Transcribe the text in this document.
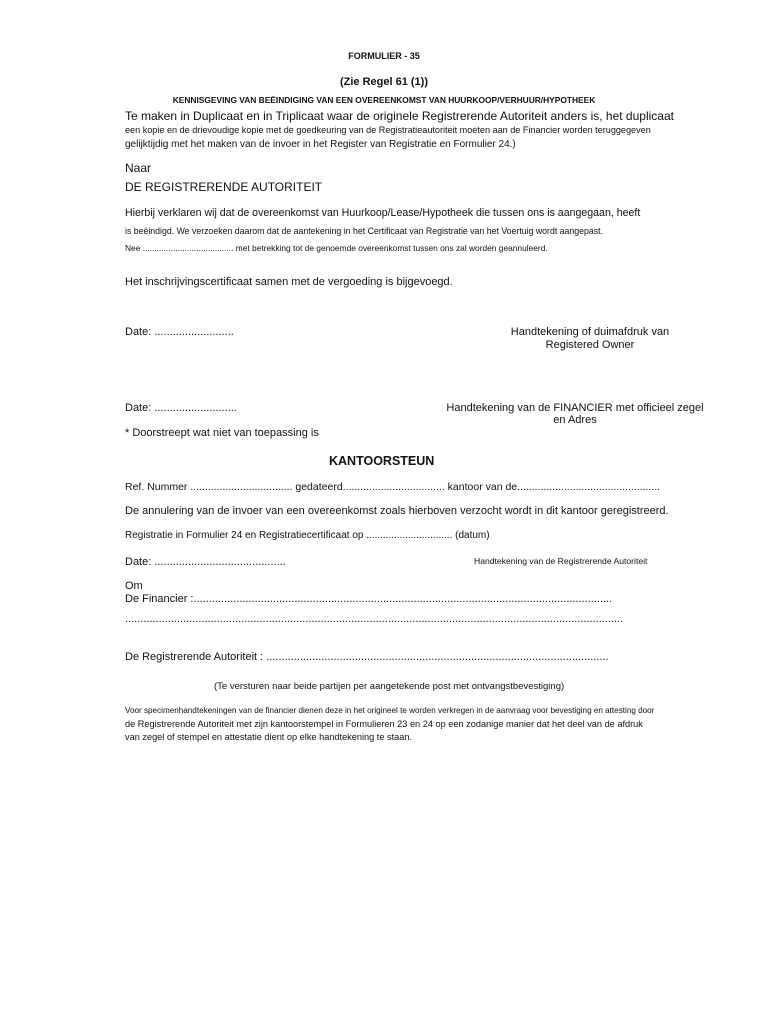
FORMULIER - 35
(Zie Regel 61 (1))
KENNISGEVING VAN BEËINDIGING VAN EEN OVEREENKOMST VAN HUURKOOP/VERHUUR/HYPOTHEEK
Te maken in Duplicaat en in Triplicaat waar de originele Registrerende Autoriteit anders is, het duplicaat
een kopie en de drievoudige kopie met de goedkeuring van de Registratieautoriteit moeten aan de Financier worden teruggegeven
gelijktijdig met het maken van de invoer in het Register van Registratie en Formulier 24.)
Naar
DE REGISTRERENDE AUTORITEIT
Hierbij verklaren wij dat de overeenkomst van Huurkoop/Lease/Hypotheek die tussen ons is aangegaan, heeft
is beëindigd. We verzoeken daarom dat de aantekening in het Certificaat van Registratie van het Voertuig wordt aangepast.
Nee ....................................... met betrekking tot de genoemde overeenkomst tussen ons zal worden geannuleerd.
Het inschrijvingscertificaat samen met de vergoeding is bijgevoegd.
Date: ..........................	Handtekening of duimafdruk van
Registered Owner
Date: ...........................	Handtekening van de FINANCIER met officieel zegel
en Adres
* Doorstreept wat niet van toepassing is
KANTOORSTEUN
Ref. Nummer ................................... gedateerd................................... kantoor van de.................................................
De annulering van de invoer van een overeenkomst zoals hierboven verzocht wordt in dit kantoor geregistreerd.
Registratie in Formulier 24 en Registratiecertificaat op ............................... (datum)
Date: ...........................................	Handtekening van de Registrerende Autoriteit
Om
De Financier :.........................................................................................................................................
...................................................................................................................................................................
De Registrerende Autoriteit : ................................................................................................................
(Te versturen naar beide partijen per aangetekende post met ontvangstbevestiging)
Voor specimenhandtekeningen van de financier dienen deze in het origineel te worden verkregen in de aanvraag voor bevestiging en attesting door
de Registrerende Autoriteit met zijn kantoorstempel in Formulieren 23 en 24 op een zodanige manier dat het deel van de afdruk
van zegel of stempel en attestatie dient op elke handtekening te staan.
